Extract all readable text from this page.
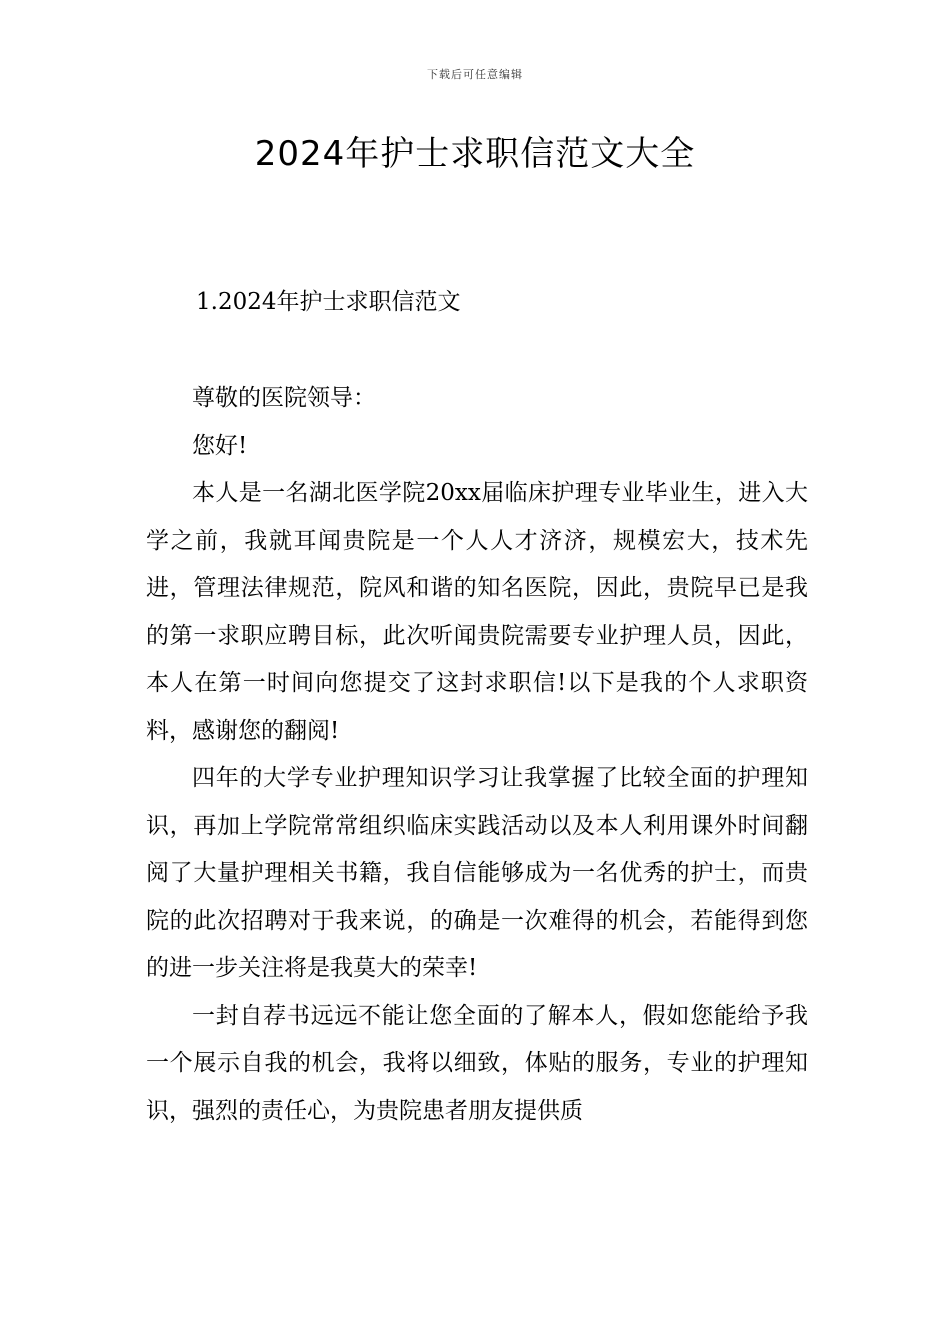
下载后可任意编辑
2024年护士求职信范文大全
1.2024年护士求职信范文

尊敬的医院领导：

您好!

本人是一名湖北医学院20xx届临床护理专业毕业生，进入大学之前，我就耳闻贵院是一个人人才济济，规模宏大，技术先进，管理法律规范，院风和谐的知名医院，因此，贵院早已是我的第一求职应聘目标，此次听闻贵院需要专业护理人员，因此，本人在第一时间向您提交了这封求职信!以下是我的个人求职资料，感谢您的翻阅!

四年的大学专业护理知识学习让我掌握了比较全面的护理知识，再加上学院常常组织临床实践活动以及本人利用课外时间翻阅了大量护理相关书籍，我自信能够成为一名优秀的护士，而贵院的此次招聘对于我来说，的确是一次难得的机会，若能得到您的进一步关注将是我莫大的荣幸!

一封自荐书远远不能让您全面的了解本人，假如您能给予我一个展示自我的机会，我将以细致，体贴的服务，专业的护理知识，强烈的责任心，为贵院患者朋友提供质
